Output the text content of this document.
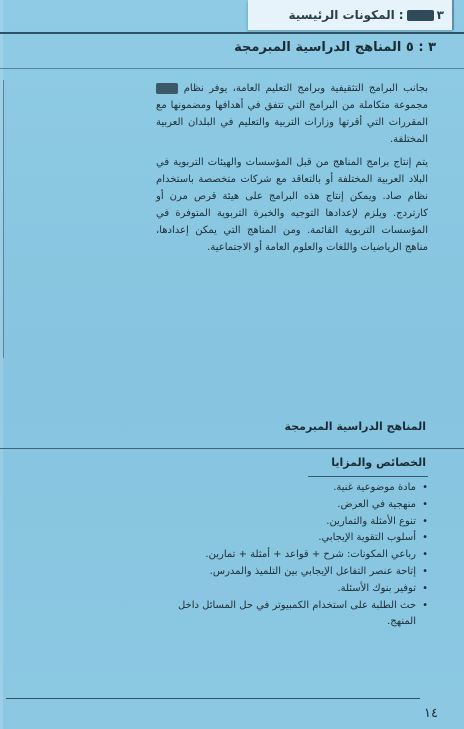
٣
صخر
:
المكونات الرئيسية
٣ : ٥ المناهج الدراسية المبرمجة

بجانب البرامج التثقيفية وبرامج التعليم العامة، يوفر نظام صخر مجموعة متكاملة من البرامج التي تتفق في أهدافها ومضمونها مع المقررات التي أقرتها وزارات التربية والتعليم في البلدان العربية المختلفة.

يتم إنتاج برامج المناهج من قبل المؤسسات والهيئات التربوية في البلاد العربية المختلفة أو بالتعاقد مع شركات متخصصة باستخدام نظام صاد. ويمكن إنتاج هذه البرامج على هيئة قرص مرن أو كارتردج. ويلزم لإعدادها التوجيه والخبرة التربوية المتوفرة في المؤسسات التربوية القائمة. ومن المناهج التي يمكن إعدادها، مناهج الرياضيات واللغات والعلوم العامة أو الاجتماعية.

المناهج الدراسية المبرمجة
الخصائص والمزايا
• مادة موضوعية غنية.
• منهجية في العرض.
• تنوع الأمثلة والتمارين.
• أسلوب التقوية الإيجابي.
• رباعي المكونات: شرح + قواعد + أمثلة + تمارين.
• إتاحة عنصر التفاعل الإيجابي بين التلميذ والمدرس.
• توفير بنوك الأسئلة.
• حث الطلبة على استخدام الكمبيوتر في حل المسائل داخل المنهج.
١٤
